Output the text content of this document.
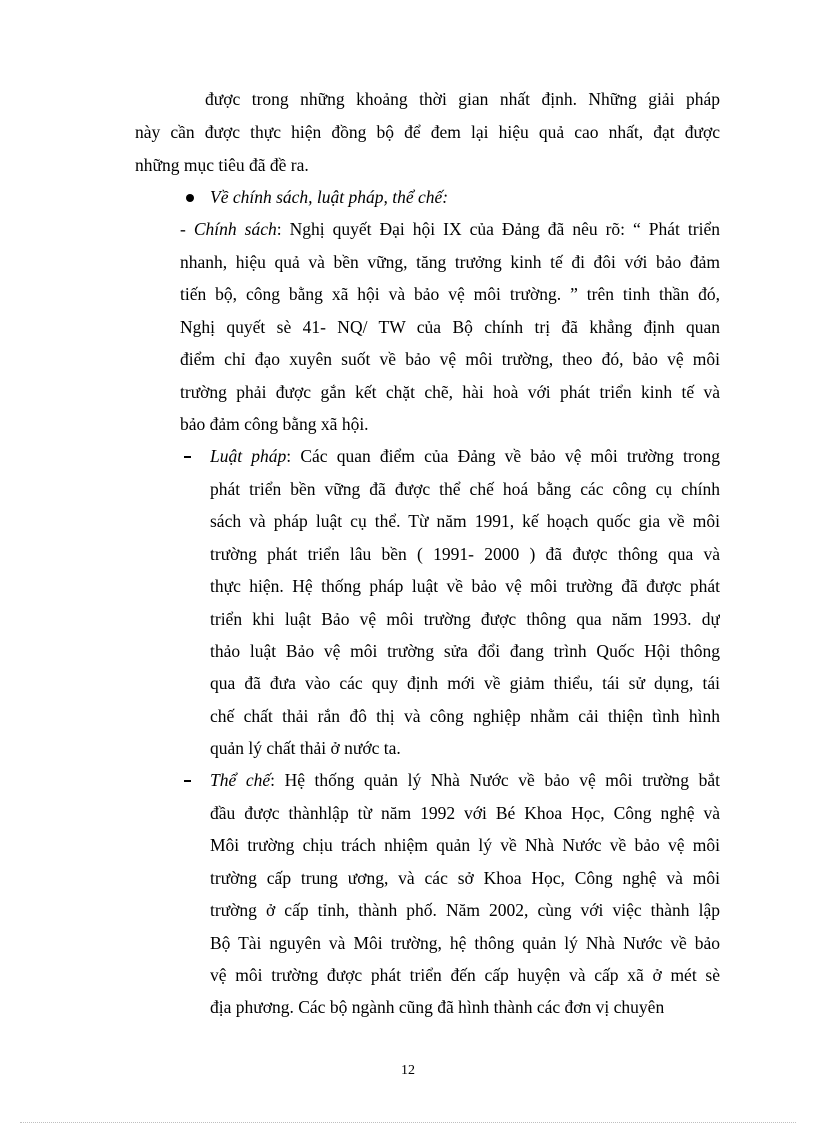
được trong những khoảng thời gian nhất định. Những giải pháp
này cần được thực hiện đồng bộ để đem lại hiệu quả cao nhất, đạt được
những mục tiêu đã đề ra.
Về chính sách, luật pháp, thể chế:
- Chính sách: Nghị quyết Đại hội IX của Đảng đã nêu rõ: “ Phát triển
nhanh, hiệu quả và bền vững, tăng trưởng kinh tế đi đôi với bảo đảm
tiến bộ, công bằng xã hội và bảo vệ môi trường. ” trên tinh thần đó,
Nghị quyết sè 41- NQ/ TW của Bộ chính trị đã khẳng định quan
điểm chỉ đạo xuyên suốt về bảo vệ môi trường, theo đó, bảo vệ môi
trường phải được gắn kết chặt chẽ, hài hoà với phát triển kinh tế và
bảo đảm công bằng xã hội.
Luật pháp: Các quan điểm của Đảng về bảo vệ môi trường trong
phát triển bền vững đã được thể chế hoá bằng các công cụ chính
sách và pháp luật cụ thể. Từ năm 1991, kế hoạch quốc gia về môi
trường phát triển lâu bền ( 1991- 2000 ) đã được thông qua và
thực hiện. Hệ thống pháp luật về bảo vệ môi trường đã được phát
triển khi luật Bảo vệ môi trường được thông qua năm 1993. dự
thảo luật Bảo vệ môi trường sửa đổi đang trình Quốc Hội thông
qua đã đưa vào các quy định mới về giảm thiểu, tái sử dụng, tái
chế chất thải rắn đô thị và công nghiệp nhằm cải thiện tình hình
quản lý chất thải ở nước ta.
Thể chế: Hệ thống quản lý Nhà Nước về bảo vệ môi trường bắt
đầu được thànhlập từ năm 1992 với Bé Khoa Học, Công nghệ và
Môi trường chịu trách nhiệm quản lý về Nhà Nước về bảo vệ môi
trường cấp trung ương, và các sở Khoa Học, Công nghệ và môi
trường ở cấp tỉnh, thành phố. Năm 2002, cùng với việc thành lập
Bộ Tài nguyên và Môi trường, hệ thông quản lý Nhà Nước về bảo
vệ môi trường được phát triển đến cấp huyện và cấp xã ở mét sè
địa phương. Các bộ ngành cũng đã hình thành các đơn vị chuyên
12
